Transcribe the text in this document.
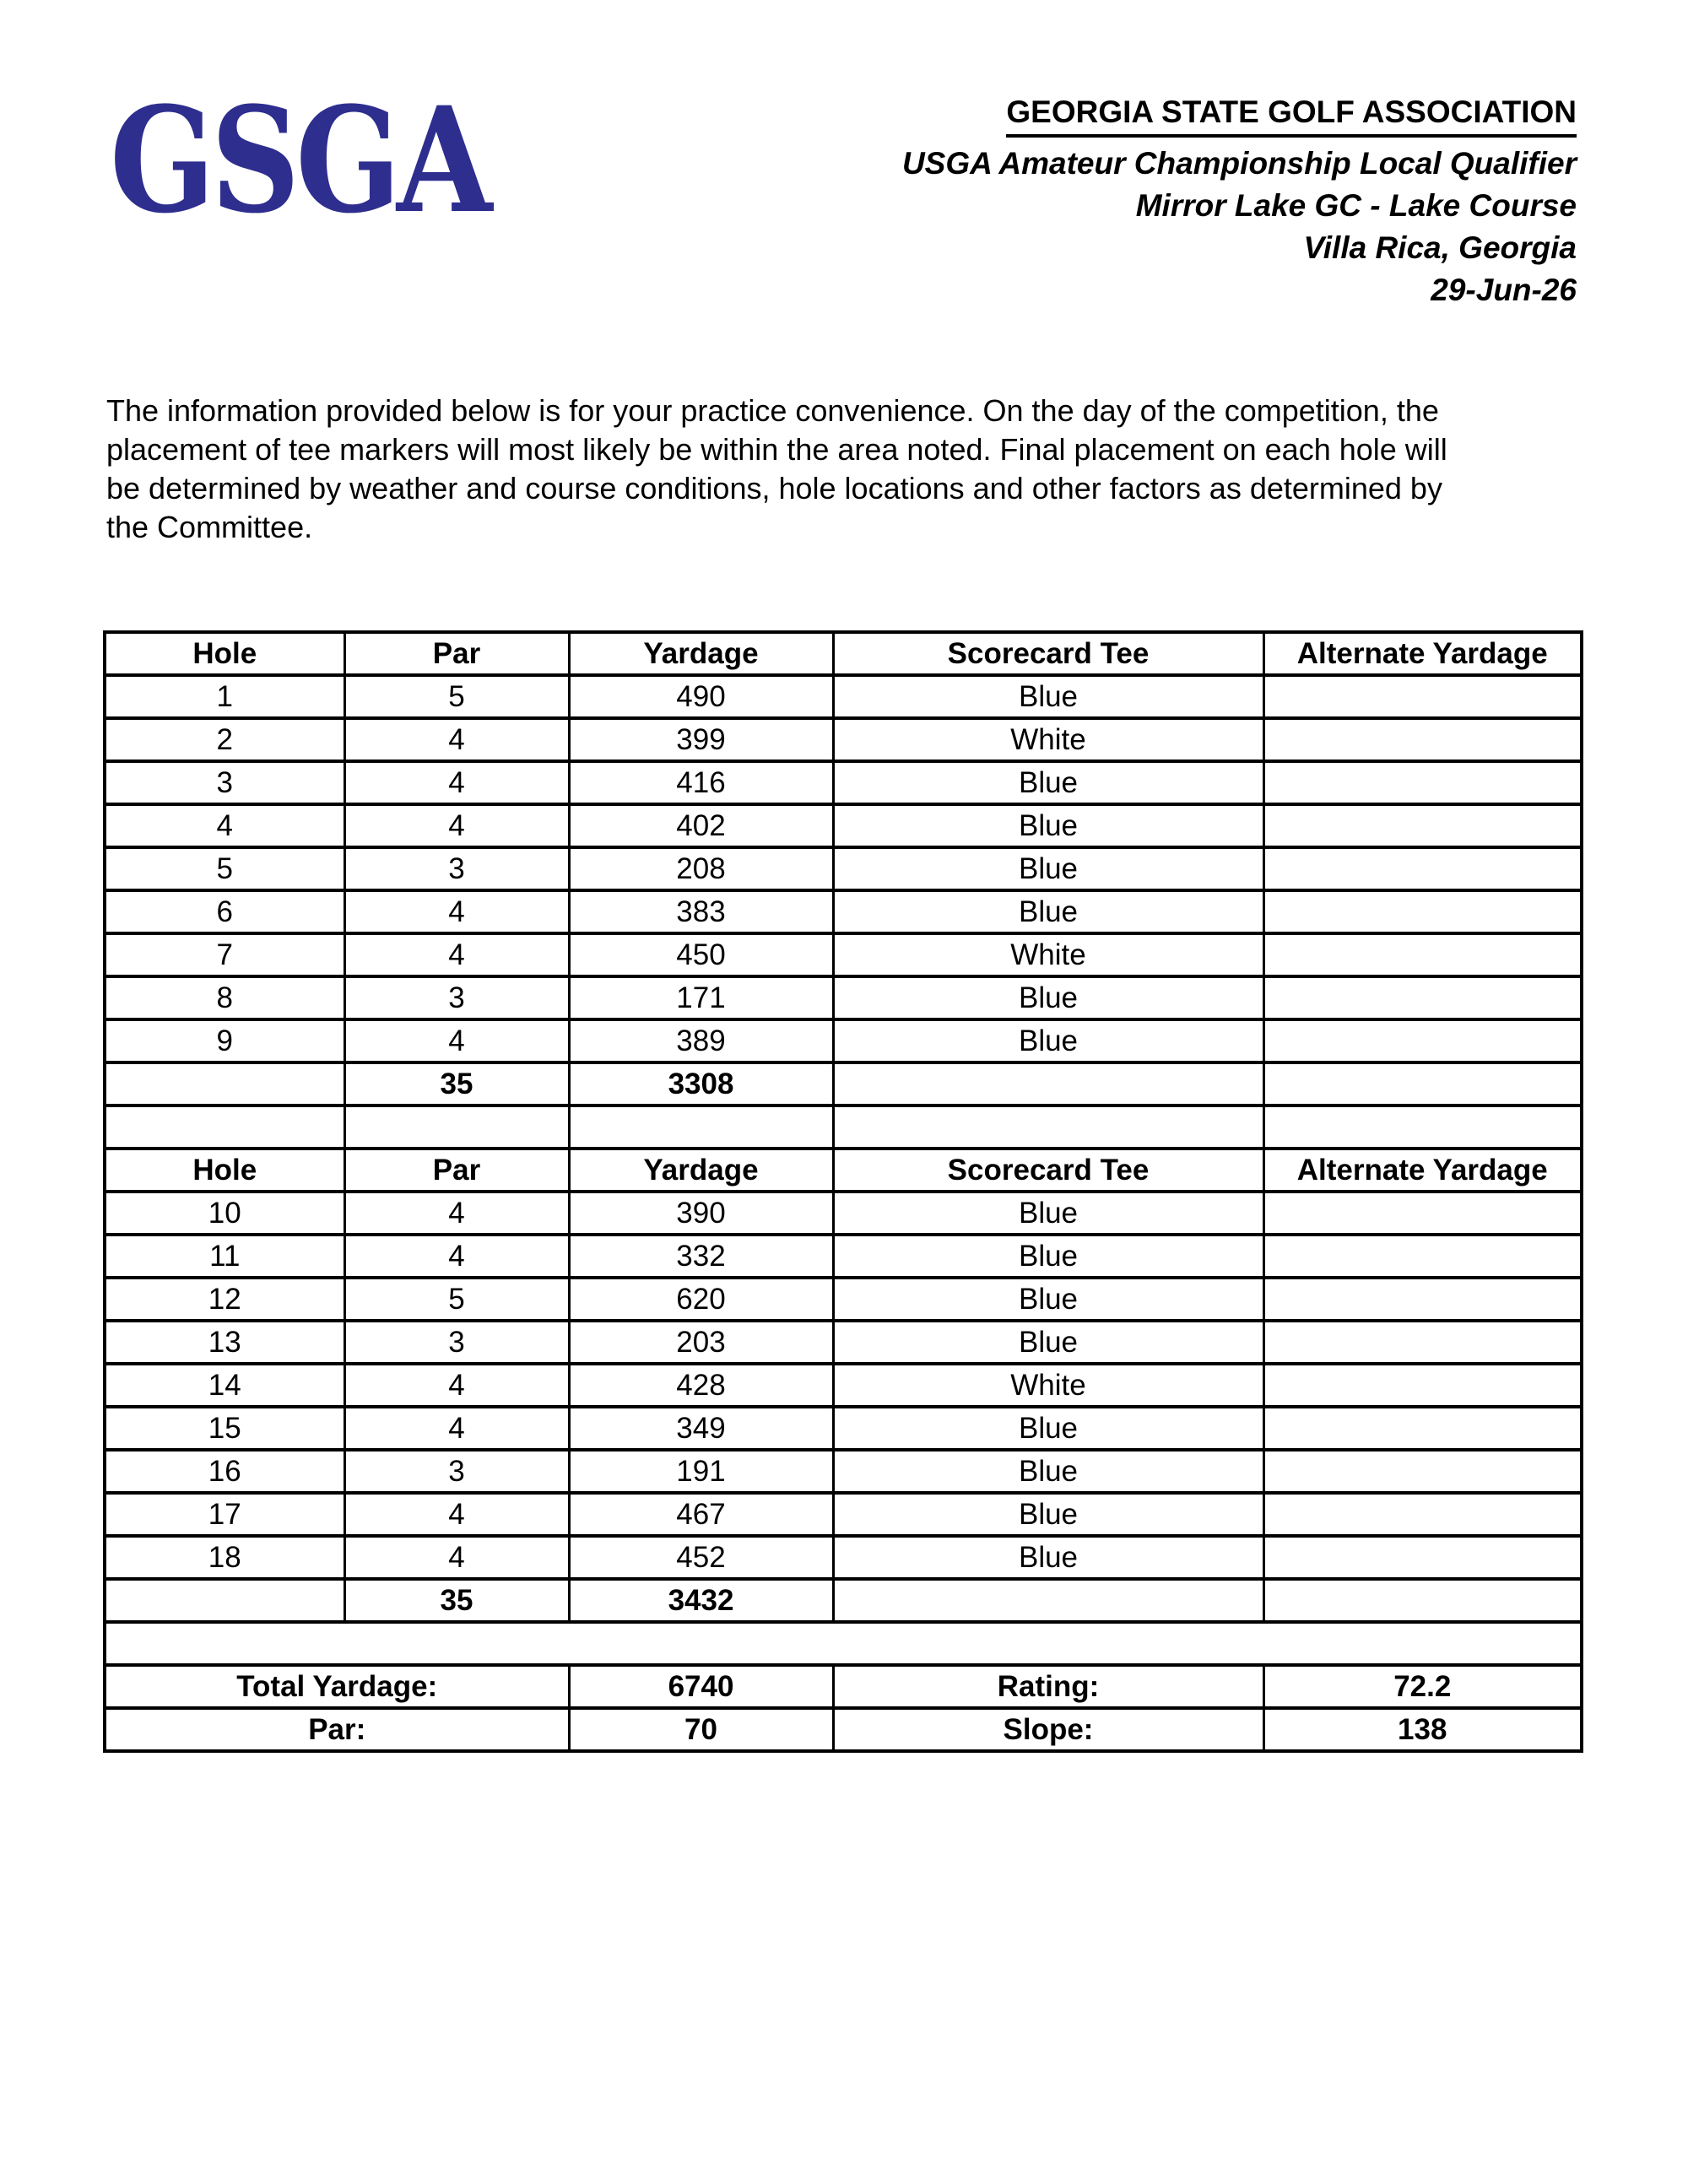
GSGA	GEORGIA STATE GOLF ASSOCIATION
USGA Amateur Championship Local Qualifier
Mirror Lake GC - Lake Course
Villa Rica, Georgia
29-Jun-26
The information provided below is for your practice convenience. On the day of the competition, the
placement of tee markers will most likely be within the area noted. Final placement on each hole will
be determined by weather and course conditions, hole locations and other factors as determined by
the Committee.
Hole	Par	Yardage	Scorecard Tee	Alternate Yardage
1	5	490	Blue	
2	4	399	White	
3	4	416	Blue	
4	4	402	Blue	
5	3	208	Blue	
6	4	383	Blue	
7	4	450	White	
8	3	171	Blue	
9	4	389	Blue	
	35	3308		

Hole	Par	Yardage	Scorecard Tee	Alternate Yardage
10	4	390	Blue	
11	4	332	Blue	
12	5	620	Blue	
13	3	203	Blue	
14	4	428	White	
15	4	349	Blue	
16	3	191	Blue	
17	4	467	Blue	
18	4	452	Blue	
	35	3432		

Total Yardage:		6740	Rating:	72.2
Par:		70	Slope:	138
